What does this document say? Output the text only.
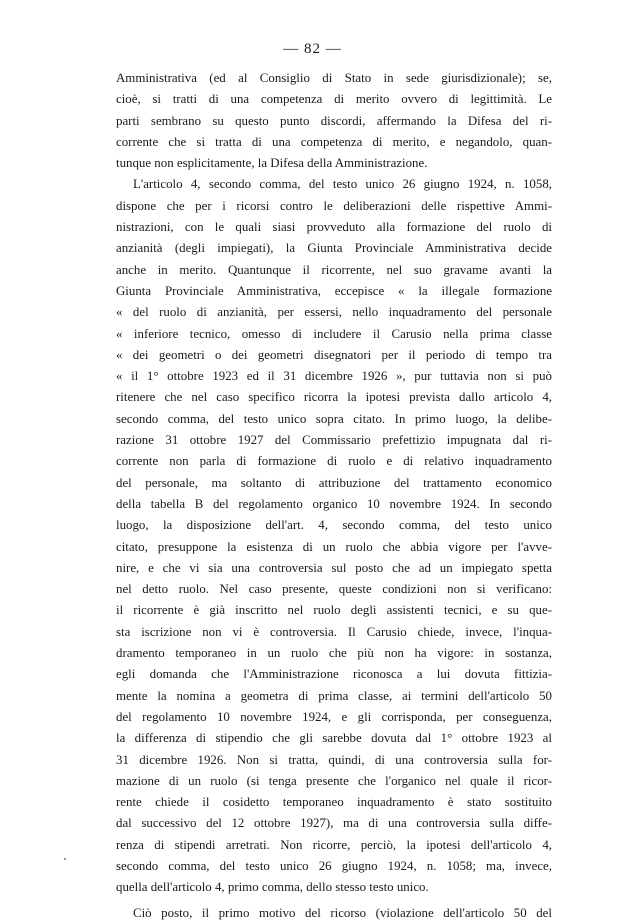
— 82 —
Amministrativa (ed al Consiglio di Stato in sede giurisdizionale); se,
cioè, si tratti di una competenza di merito ovvero di legittimità. Le
parti sembrano su questo punto discordi, affermando la Difesa del ri-
corrente che si tratta di una competenza di merito, e negandolo, quan-
tunque non esplicitamente, la Difesa della Amministrazione.
L'articolo 4, secondo comma, del testo unico 26 giugno 1924, n. 1058,
dispone che per i ricorsi contro le deliberazioni delle rispettive Ammi-
nistrazioni, con le quali siasi provveduto alla formazione del ruolo di
anzianità (degli impiegati), la Giunta Provinciale Amministrativa decide
anche in merito. Quantunque il ricorrente, nel suo gravame avanti la
Giunta Provinciale Amministrativa, eccepisce « la illegale formazione
« del ruolo di anzianità, per essersi, nello inquadramento del personale
« inferiore tecnico, omesso di includere il Carusio nella prima classe
« dei geometri o dei geometri disegnatori per il periodo di tempo tra
« il 1° ottobre 1923 ed il 31 dicembre 1926 », pur tuttavia non si può
ritenere che nel caso specifico ricorra la ipotesi prevista dallo articolo 4,
secondo comma, del testo unico sopra citato. In primo luogo, la delibe-
razione 31 ottobre 1927 del Commissario prefettizio impugnata dal ri-
corrente non parla di formazione di ruolo e di relativo inquadramento
del personale, ma soltanto di attribuzione del trattamento economico
della tabella B del regolamento organico 10 novembre 1924. In secondo
luogo, la disposizione dell'art. 4, secondo comma, del testo unico
citato, presuppone la esistenza di un ruolo che abbia vigore per l'avve-
nire, e che vi sia una controversia sul posto che ad un impiegato spetta
nel detto ruolo. Nel caso presente, queste condizioni non si verificano:
il ricorrente è già inscritto nel ruolo degli assistenti tecnici, e su que-
sta iscrizione non vi è controversia. Il Carusio chiede, invece, l'inqua-
dramento temporaneo in un ruolo che più non ha vigore: in sostanza,
egli domanda che l'Amministrazione riconosca a lui dovuta fittizia-
mente la nomina a geometra di prima classe, ai termini dell'articolo 50
del regolamento 10 novembre 1924, e gli corrisponda, per conseguenza,
la differenza di stipendio che gli sarebbe dovuta dal 1° ottobre 1923 al
31 dicembre 1926. Non si tratta, quindi, di una controversia sulla for-
mazione di un ruolo (si tenga presente che l'organico nel quale il ricor-
rente chiede il cosidetto temporaneo inquadramento è stato sostituito
dal successivo del 12 ottobre 1927), ma di una controversia sulla diffe-
renza di stipendi arretrati. Non ricorre, perciò, la ipotesi dell'articolo 4,
secondo comma, del testo unico 26 giugno 1924, n. 1058; ma, invece,
quella dell'articolo 4, primo comma, dello stesso testo unico.
Ciò posto, il primo motivo del ricorso (violazione dell'articolo 50 del
